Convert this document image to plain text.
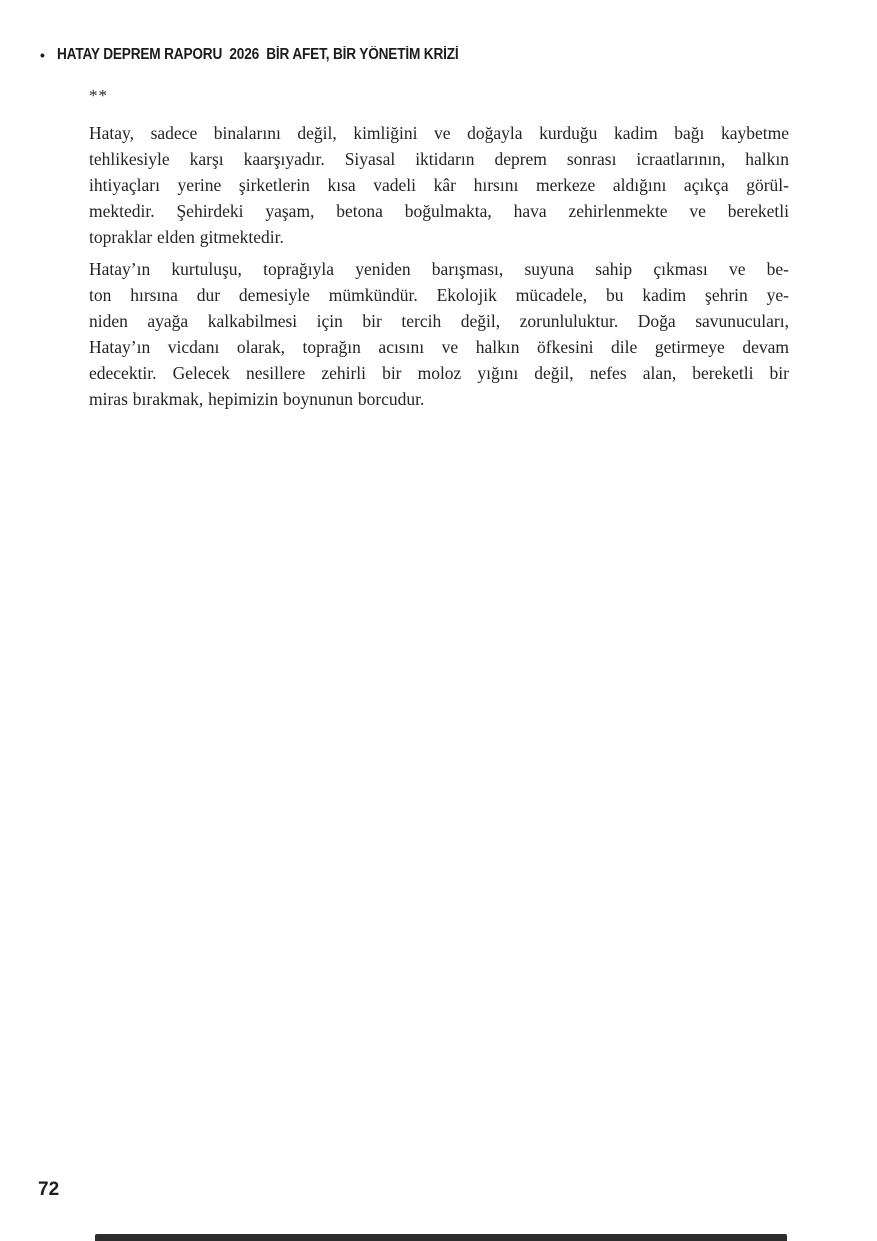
• HATAY DEPREM RAPORU  2026  BİR AFET, BİR YÖNETİM KRİZİ
**
Hatay, sadece binalarını değil, kimliğini ve doğayla kurduğu kadim bağı kaybetme
tehlikesiyle karşı kaarşıyadır. Siyasal iktidarın deprem sonrası icraatlarının, halkın
ihtiyaçları yerine şirketlerin kısa vadeli kâr hırsını merkeze aldığını açıkça görül-
mektedir. Şehirdeki yaşam, betona boğulmakta, hava zehirlenmekte ve bereketli
topraklar elden gitmektedir.
Hatay’ın kurtuluşu, toprağıyla yeniden barışması, suyuna sahip çıkması ve be-
ton hırsına dur demesiyle mümkündür. Ekolojik mücadele, bu kadim şehrin ye-
niden ayağa kalkabilmesi için bir tercih değil, zorunluluktur. Doğa savunucuları,
Hatay’ın vicdanı olarak, toprağın acısını ve halkın öfkesini dile getirmeye devam
edecektir. Gelecek nesillere zehirli bir moloz yığını değil, nefes alan, bereketli bir
miras bırakmak, hepimizin boynunun borcudur.
72
